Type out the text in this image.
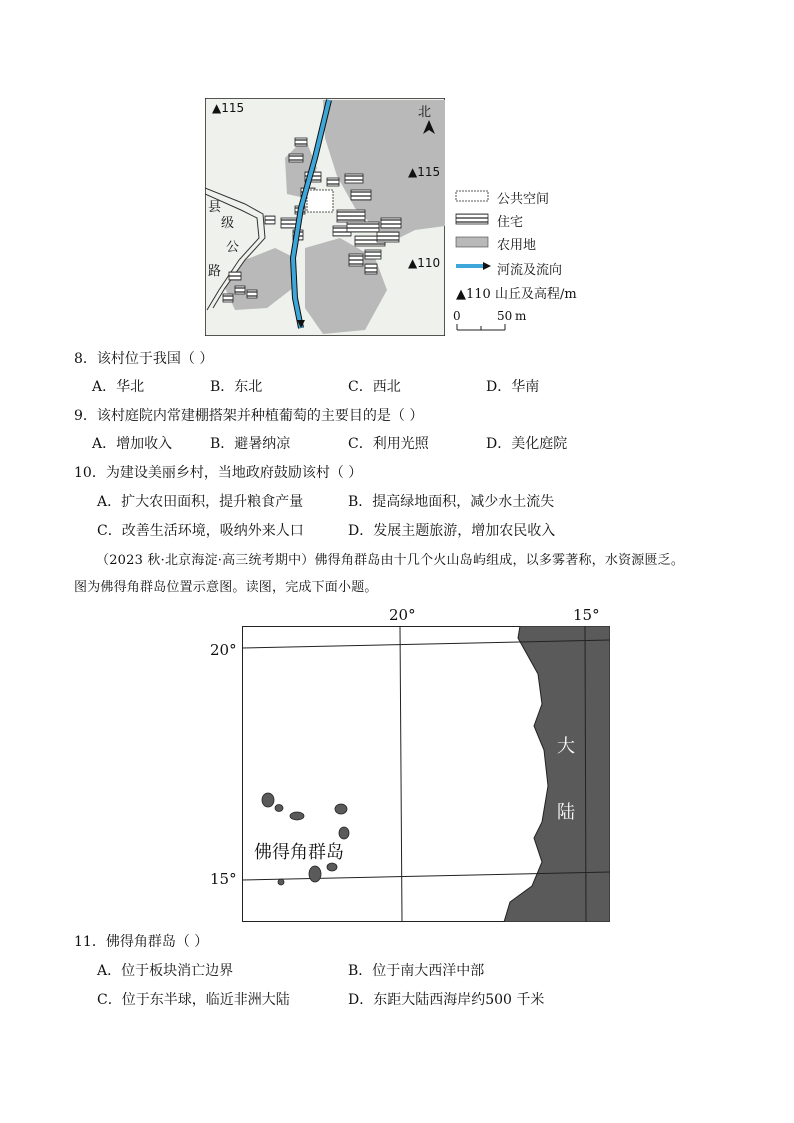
北
▲115
▲115
▲110
县
级
公
路
公共空间
住宅
农用地
河流及流向
▲110 山丘及高程/m
0	50 m
8．该村位于我国（ ）
A．华北	B．东北	C．西北	D．华南
9．该村庭院内常建棚搭架并种植葡萄的主要目的是（ ）
A．增加收入	B．避暑纳凉	C．利用光照	D．美化庭院
10．为建设美丽乡村，当地政府鼓励该村（ ）
A．扩大农田面积，提升粮食产量	B．提高绿地面积，减少水土流失
C．改善生活环境，吸纳外来人口	D．发展主题旅游，增加农民收入
（2023 秋·北京海淀·高三统考期中）佛得角群岛由十几个火山岛屿组成，以多雾著称，水资源匮乏。
图为佛得角群岛位置示意图。读图，完成下面小题。
20°	15°
20°
15°
大
陆
佛得角群岛
11．佛得角群岛（ ）
A．位于板块消亡边界	B．位于南大西洋中部
C．位于东半球，临近非洲大陆	D．东距大陆西海岸约500 千米
